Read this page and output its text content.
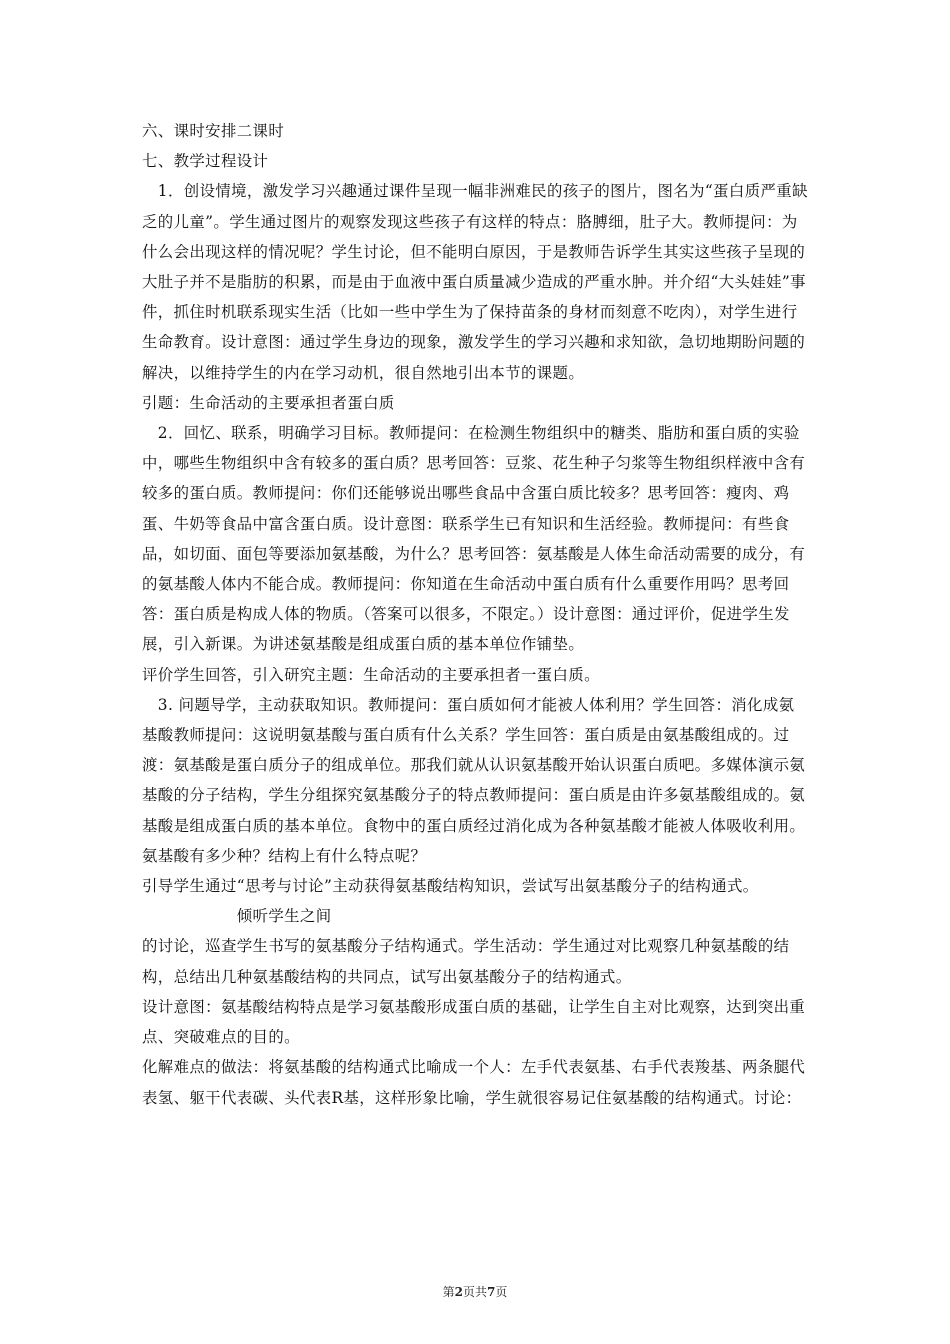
六、课时安排二课时

七、教学过程设计

　1．创设情境，激发学习兴趣通过课件呈现一幅非洲难民的孩子的图片，图名为“蛋白质严重缺乏的儿童”。学生通过图片的观察发现这些孩子有这样的特点：胳膊细，肚子大。教师提问：为什么会出现这样的情况呢？学生讨论，但不能明白原因，于是教师告诉学生其实这些孩子呈现的大肚子并不是脂肪的积累，而是由于血液中蛋白质量减少造成的严重水肿。并介绍“大头娃娃”事件，抓住时机联系现实生活（比如一些中学生为了保持苗条的身材而刻意不吃肉），对学生进行生命教育。设计意图：通过学生身边的现象，激发学生的学习兴趣和求知欲，急切地期盼问题的解决，以维持学生的内在学习动机，很自然地引出本节的课题。

引题：生命活动的主要承担者蛋白质

　2．回忆、联系，明确学习目标。教师提问：在检测生物组织中的糖类、脂肪和蛋白质的实验中，哪些生物组织中含有较多的蛋白质？思考回答：豆浆、花生种子匀浆等生物组织样液中含有较多的蛋白质。教师提问：你们还能够说出哪些食品中含蛋白质比较多？思考回答：瘦肉、鸡蛋、牛奶等食品中富含蛋白质。设计意图：联系学生已有知识和生活经验。教师提问：有些食品，如切面、面包等要添加氨基酸，为什么？思考回答：氨基酸是人体生命活动需要的成分，有的氨基酸人体内不能合成。教师提问：你知道在生命活动中蛋白质有什么重要作用吗？思考回答：蛋白质是构成人体的物质。（答案可以很多，不限定。）设计意图：通过评价，促进学生发展，引入新课。为讲述氨基酸是组成蛋白质的基本单位作铺垫。

评价学生回答，引入研究主题：生命活动的主要承担者一蛋白质。

　3. 问题导学，主动获取知识。教师提问：蛋白质如何才能被人体利用？学生回答：消化成氨基酸教师提问：这说明氨基酸与蛋白质有什么关系？学生回答：蛋白质是由氨基酸组成的。过渡：氨基酸是蛋白质分子的组成单位。那我们就从认识氨基酸开始认识蛋白质吧。多媒体演示氨基酸的分子结构，学生分组探究氨基酸分子的特点教师提问：蛋白质是由许多氨基酸组成的。氨基酸是组成蛋白质的基本单位。食物中的蛋白质经过消化成为各种氨基酸才能被人体吸收利用。氨基酸有多少种？结构上有什么特点呢？

引导学生通过“思考与讨论”主动获得氨基酸结构知识，尝试写出氨基酸分子的结构通式。

　　　　　　倾听学生之间

的讨论，巡查学生书写的氨基酸分子结构通式。学生活动：学生通过对比观察几种氨基酸的结构，总结出几种氨基酸结构的共同点，试写出氨基酸分子的结构通式。

设计意图：氨基酸结构特点是学习氨基酸形成蛋白质的基础，让学生自主对比观察，达到突出重点、突破难点的目的。

化解难点的做法：将氨基酸的结构通式比喻成一个人：左手代表氨基、右手代表羧基、两条腿代表氢、躯干代表碳、头代表R基，这样形象比喻，学生就很容易记住氨基酸的结构通式。讨论：

第2页共7页
